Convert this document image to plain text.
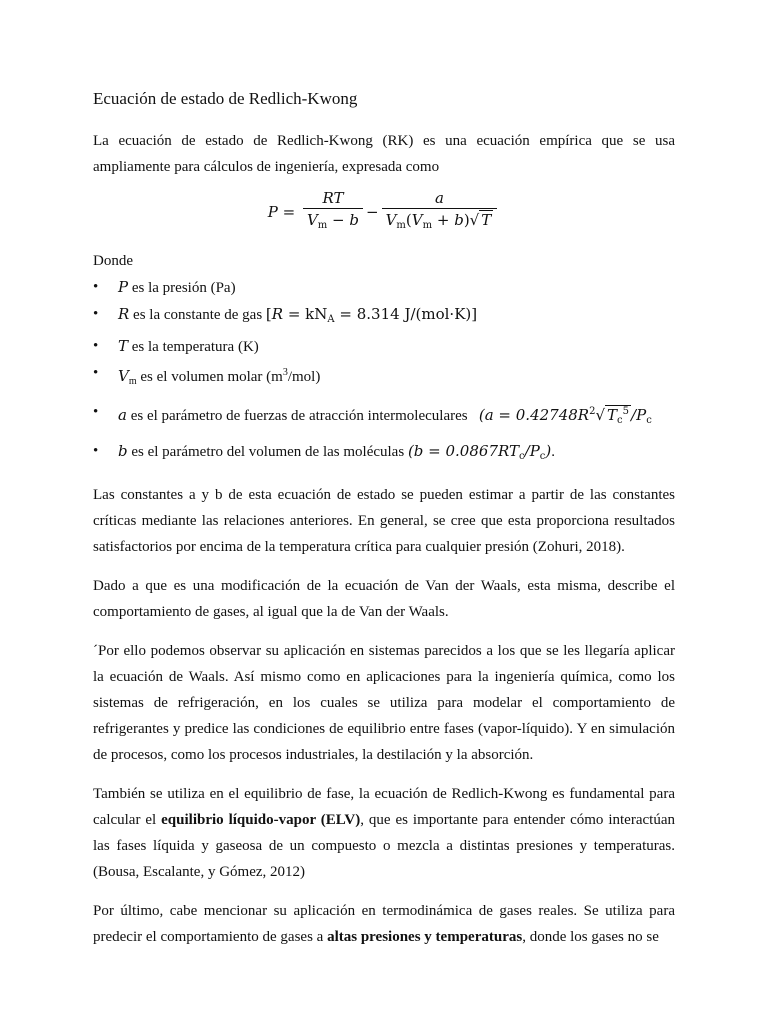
Ecuación de estado de Redlich-Kwong

La ecuación de estado de Redlich-Kwong (RK) es una ecuación empírica que se usa ampliamente para cálculos de ingeniería, expresada como

$P = \frac{RT}{V_m - b} - \frac{a}{V_m(V_m + b)√ T}$

Donde

• P es la presión (Pa)
• R es la constante de gas [$R = kN_A = 8.314$ J/(mol·K)]
• T es la temperatura (K)
• $V_m$ es el volumen molar $(m^3/mol)$
• a es el parámetro de fuerzas de atracción intermoleculares ($a = 0.42748R^2√$ $T_c^5$ $/P_c$
• b es el parámetro del volumen de las moléculas $(b = 0.0867RT_c/P_c)$.

Las constantes a y b de esta ecuación de estado se pueden estimar a partir de las constantes críticas mediante las relaciones anteriores. En general, se cree que esta proporciona resultados satisfactorios por encima de la temperatura crítica para cualquier presión (Zohuri, 2018).

Dado a que es una modificación de la ecuación de Van der Waals, esta misma, describe el comportamiento de gases, al igual que la de Van der Waals.

´Por ello podemos observar su aplicación en sistemas parecidos a los que se les llegaría aplicar la ecuación de Waals. Así mismo como en aplicaciones para la ingeniería química, como los sistemas de refrigeración, en los cuales se utiliza para modelar el comportamiento de refrigerantes y predice las condiciones de equilibrio entre fases (vapor-líquido). Y en simulación de procesos, como los procesos industriales, la destilación y la absorción.

También se utiliza en el equilibrio de fase, la ecuación de Redlich-Kwong es fundamental para calcular el equilibrio líquido-vapor (ELV), que es importante para entender cómo interactúan las fases líquida y gaseosa de un compuesto o mezcla a distintas presiones y temperaturas. (Bousa, Escalante, y Gómez, 2012)

Por último, cabe mencionar su aplicación en termodinámica de gases reales. Se utiliza para predecir el comportamiento de gases a altas presiones y temperaturas, donde los gases no se
